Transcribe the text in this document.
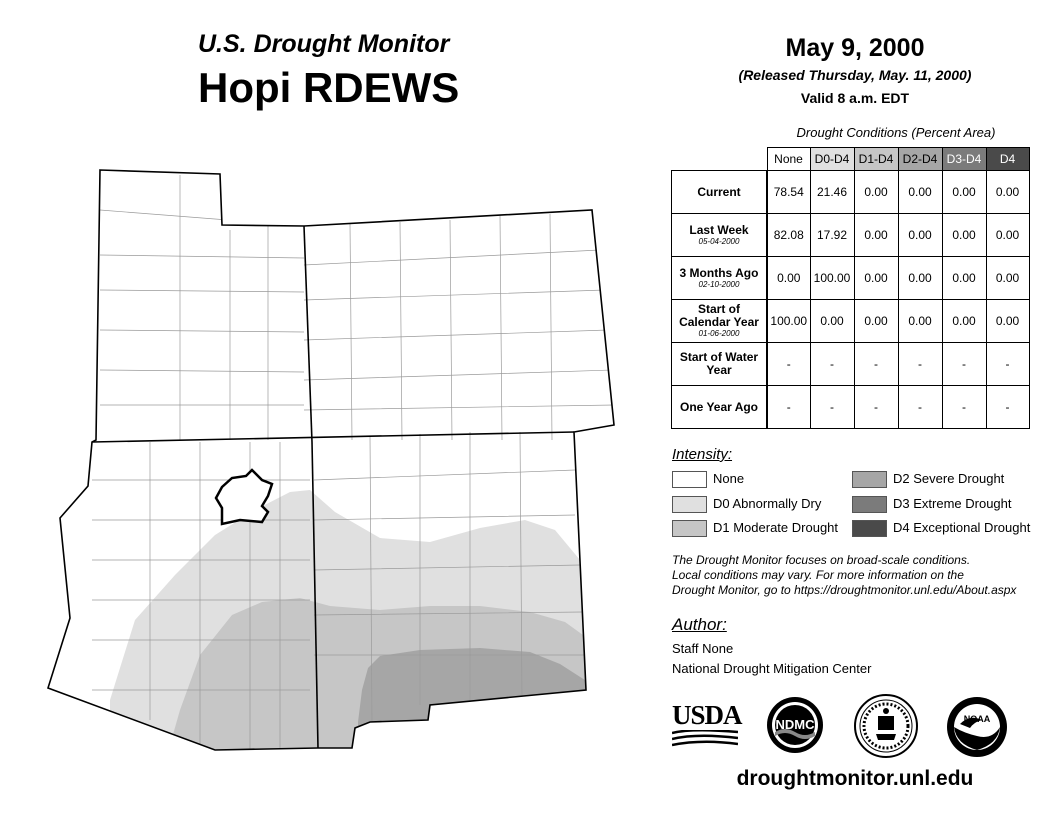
U.S. Drought Monitor
Hopi RDEWS
May 9, 2000
(Released Thursday, May. 11, 2000)
Valid 8 a.m. EDT
Drought Conditions (Percent Area)
	None	D0-D4	D1-D4	D2-D4	D3-D4	D4
Current	78.54	21.46	0.00	0.00	0.00	0.00
Last Week
05-04-2000	82.08	17.92	0.00	0.00	0.00	0.00
3 Months Ago
02-10-2000	0.00	100.00	0.00	0.00	0.00	0.00
Start of Calendar Year
01-06-2000	100.00	0.00	0.00	0.00	0.00	0.00
Start of Water Year	-	-	-	-	-	-
One Year Ago	-	-	-	-	-	-
Intensity:
None
D0 Abnormally Dry
D1 Moderate Drought
D2 Severe Drought
D3 Extreme Drought
D4 Exceptional Drought
The Drought Monitor focuses on broad-scale conditions.
Local conditions may vary. For more information on the
Drought Monitor, go to https://droughtmonitor.unl.edu/About.aspx
Author:
Staff None
National Drought Mitigation Center
USDA	NDMC	NOAA
droughtmonitor.unl.edu
